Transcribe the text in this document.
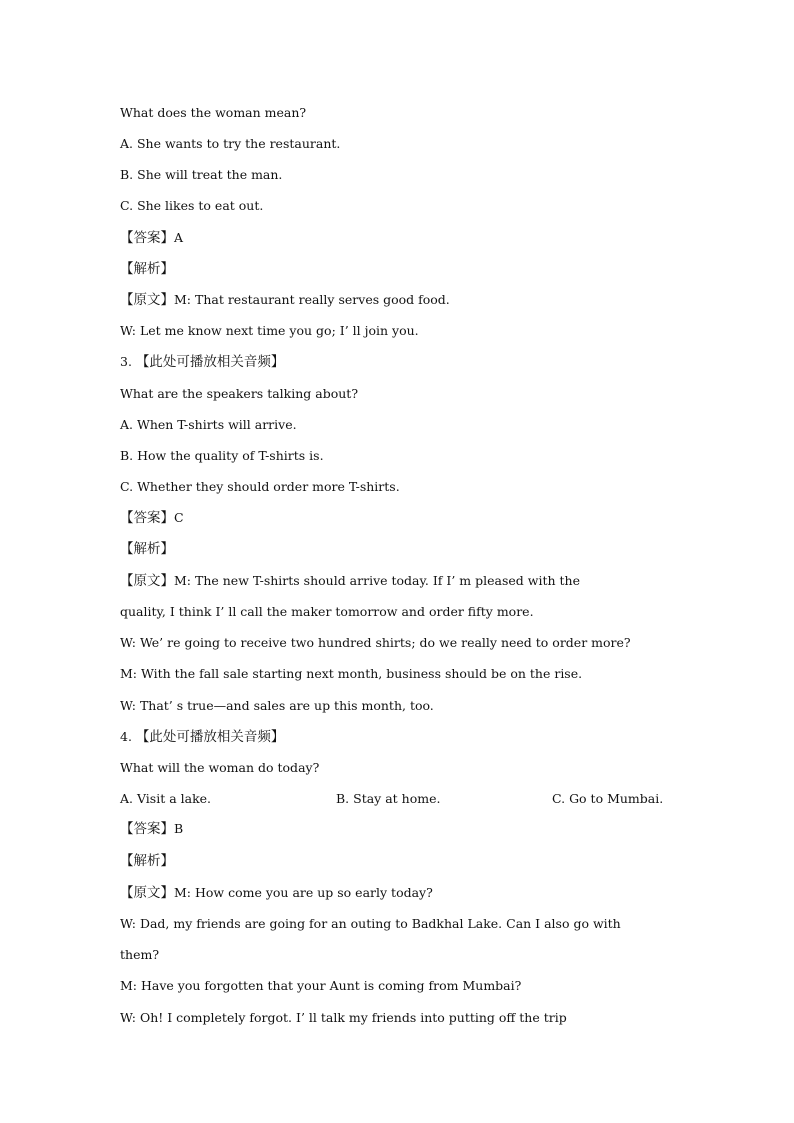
What does the woman mean?
A. She wants to try the restaurant.
B. She will treat the man.
C. She likes to eat out.
【答案】A
【解析】
【原文】M: That restaurant really serves good food.
W: Let me know next time you go; I’ ll join you.
3. 【此处可播放相关音频】
What are the speakers talking about?
A. When T-shirts will arrive.
B. How the quality of T-shirts is.
C. Whether they should order more T-shirts.
【答案】C
【解析】
【原文】M: The new T-shirts should arrive today. If I’ m pleased with the
quality, I think I’ ll call the maker tomorrow and order fifty more.
W: We’ re going to receive two hundred shirts; do we really need to order more?
M: With the fall sale starting next month, business should be on the rise.
W: That’ s true—and sales are up this month, too.
4. 【此处可播放相关音频】
What will the woman do today?

A. Visit a lake.

	B. Stay at home.

	C. Go to Mumbai.

【答案】B
【解析】
【原文】M: How come you are up so early today?
W: Dad, my friends are going for an outing to Badkhal Lake. Can I also go with
them?
M: Have you forgotten that your Aunt is coming from Mumbai?
W: Oh! I completely forgot. I’ ll talk my friends into putting off the trip
